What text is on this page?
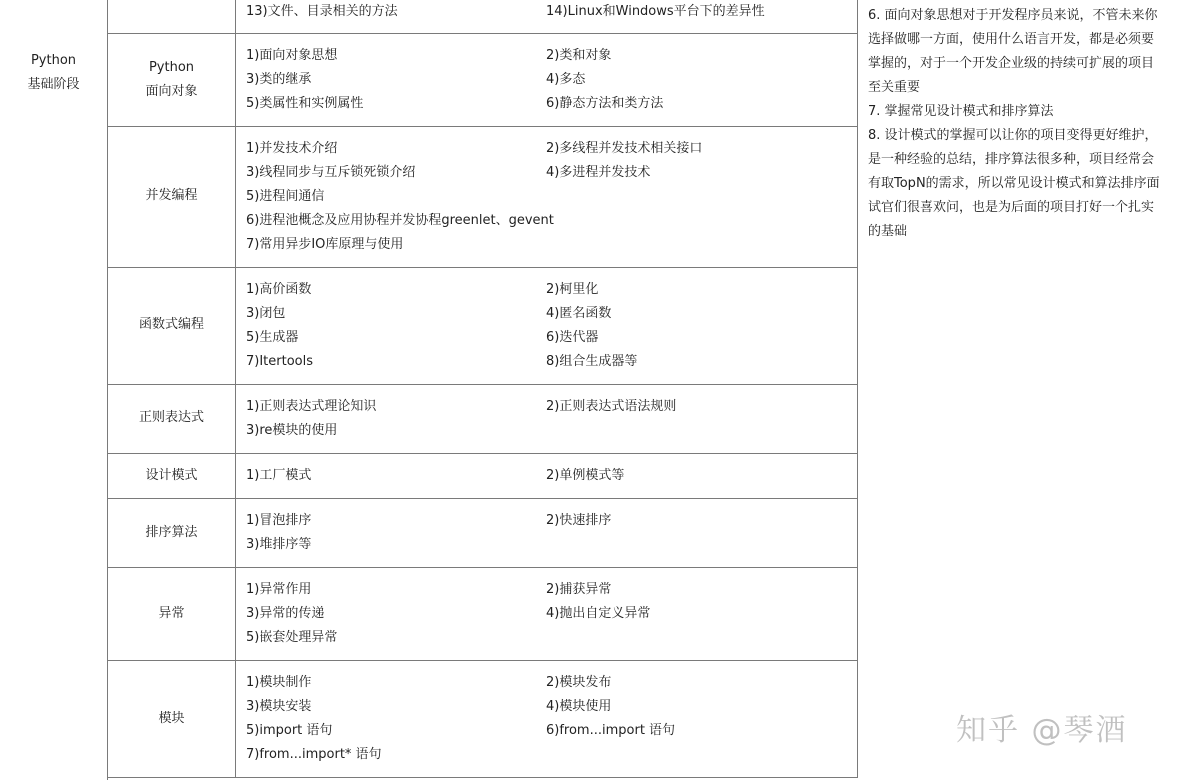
Python
基础阶段
13)文件、目录相关的方法	14)Linux和Windows平台下的差异性
Python
面向对象
1)面向对象思想	2)类和对象
3)类的继承	4)多态
5)类属性和实例属性	6)静态方法和类方法
并发编程
1)并发技术介绍	2)多线程并发技术相关接口
3)线程同步与互斥锁死锁介绍	4)多进程并发技术
5)进程间通信
6)进程池概念及应用协程并发协程greenlet、gevent
7)常用异步IO库原理与使用
函数式编程
1)高价函数	2)柯里化
3)闭包	4)匿名函数
5)生成器	6)迭代器
7)Itertools	8)组合生成器等
正则表达式
1)正则表达式理论知识	2)正则表达式语法规则
3)re模块的使用
设计模式	1)工厂模式	2)单例模式等
排序算法
1)冒泡排序	2)快速排序
3)堆排序等
异常
1)异常作用	2)捕获异常
3)异常的传递	4)抛出自定义异常
5)嵌套处理异常
模块
1)模块制作	2)模块发布
3)模块安装	4)模块使用
5)import 语句	6)from...import 语句
7)from...import* 语句

6. 面向对象思想对于开发程序员来说，不管未来你

选择做哪一方面，使用什么语言开发，都是必须要

掌握的，对于一个开发企业级的持续可扩展的项目

至关重要

7. 掌握常见设计模式和排序算法

8. 设计模式的掌握可以让你的项目变得更好维护，

是一种经验的总结，排序算法很多种，项目经常会

有取TopN的需求，所以常见设计模式和算法排序面

试官们很喜欢问，也是为后面的项目打好一个扎实

的基础

知乎 @琴酒
